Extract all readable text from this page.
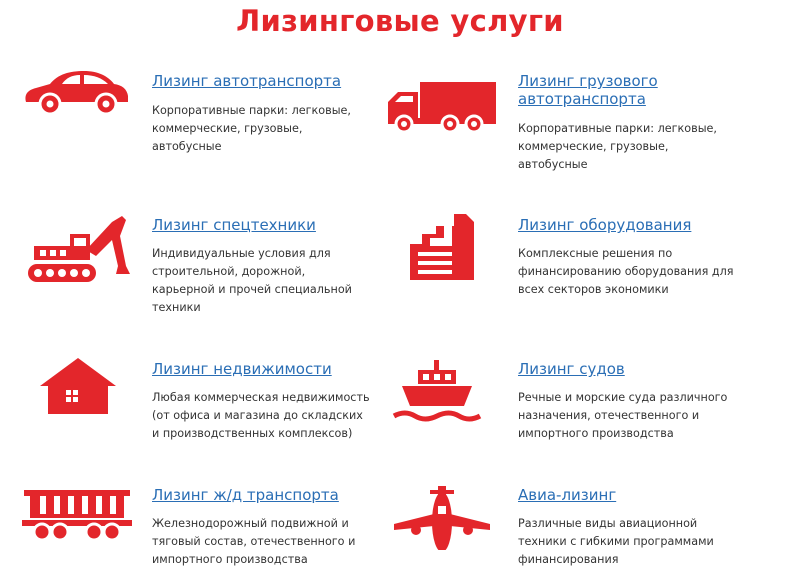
Лизинговые услуги
Лизинг автотранспорта
Корпоративные парки: легковые,
коммерческие, грузовые,
автобусные
Лизинг грузового
автотранспорта
Корпоративные парки: легковые,
коммерческие, грузовые,
автобусные
Лизинг спецтехники
Индивидуальные условия для
строительной, дорожной,
карьерной и прочей специальной
техники
Лизинг оборудования
Комплексные решения по
финансированию оборудования для
всех секторов экономики
Лизинг недвижимости
Любая коммерческая недвижимость
(от офиса и магазина до складских
и производственных комплексов)
Лизинг судов
Речные и морские суда различного
назначения, отечественного и
импортного производства
Лизинг ж/д транспорта
Железнодорожный подвижной и
тяговый состав, отечественного и
импортного производства
Авиа-лизинг
Различные виды авиационной
техники с гибкими программами
финансирования
